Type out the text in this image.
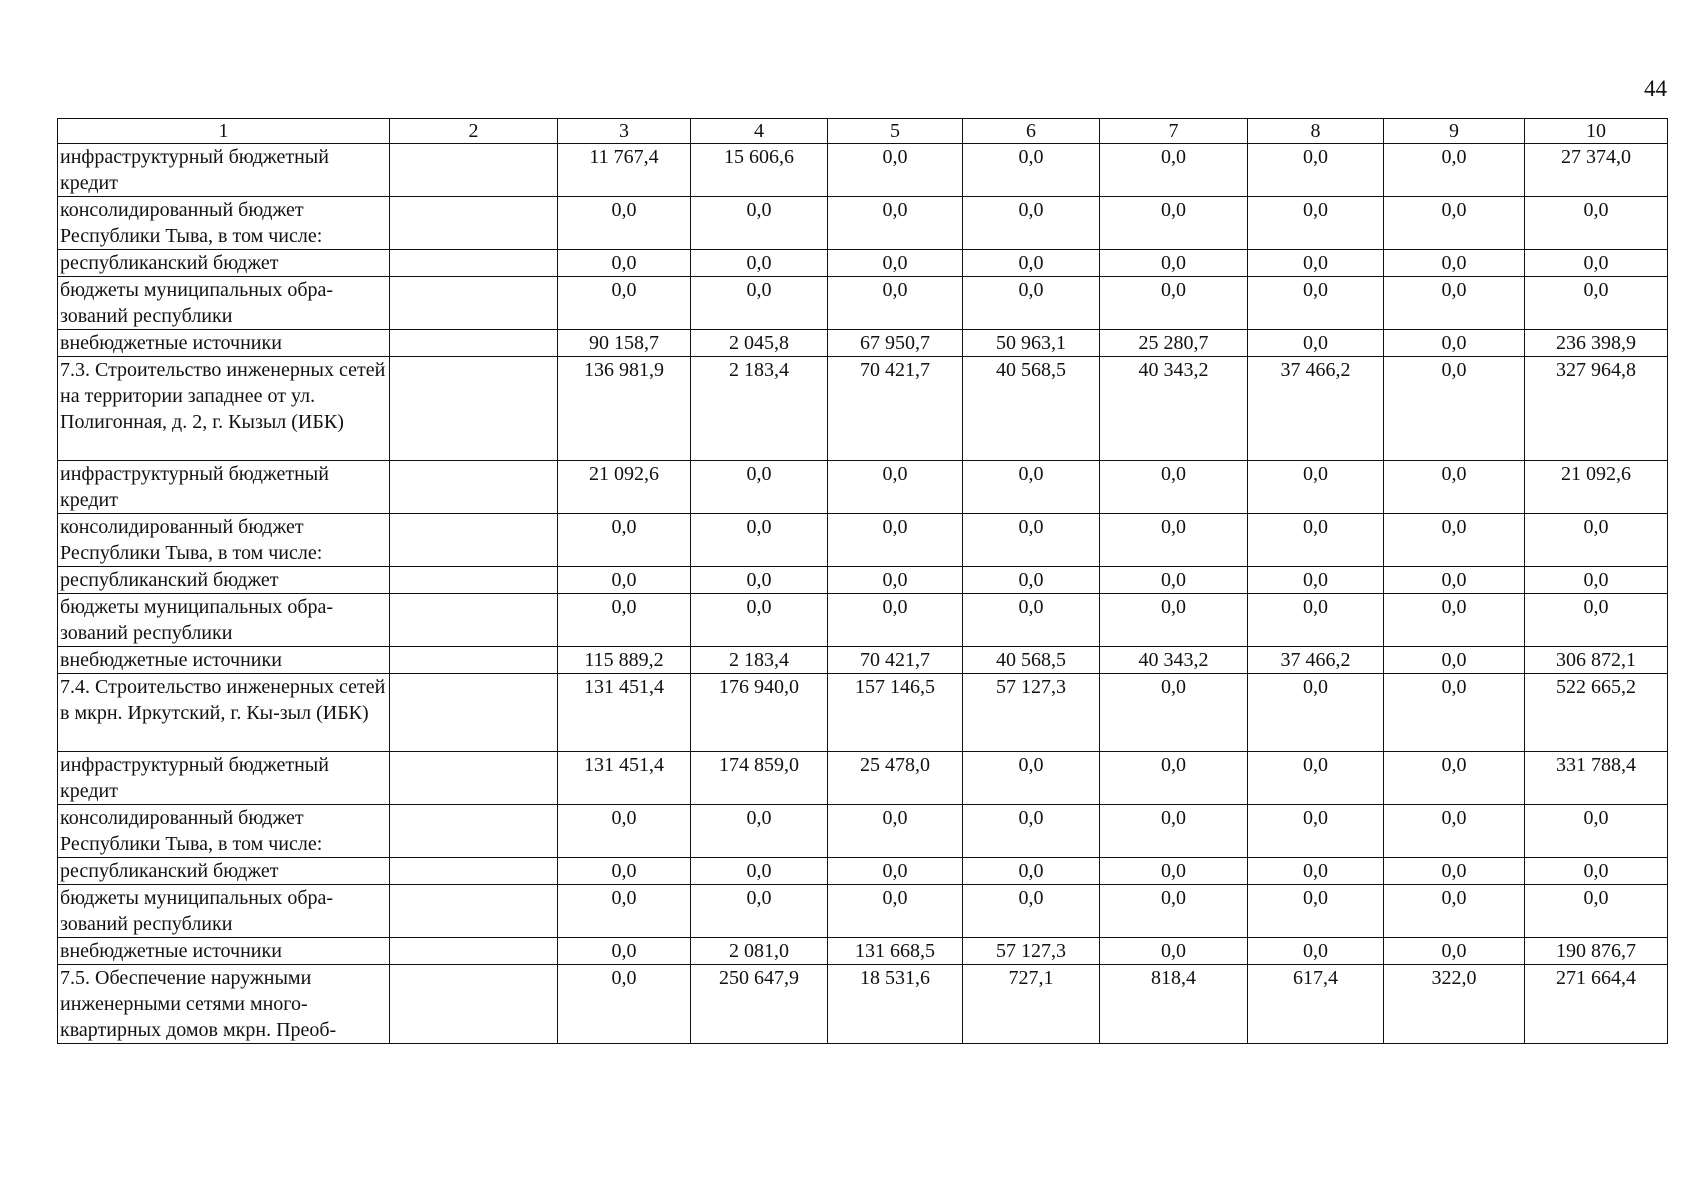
44
1	2	3	4	5	6	7	8	9	10
инфраструктурный бюджетный кредит		11 767,4	15 606,6	0,0	0,0	0,0	0,0	0,0	27 374,0
консолидированный бюджет Республики Тыва, в том числе:		0,0	0,0	0,0	0,0	0,0	0,0	0,0	0,0
республиканский бюджет		0,0	0,0	0,0	0,0	0,0	0,0	0,0	0,0
бюджеты муниципальных обра-зований республики		0,0	0,0	0,0	0,0	0,0	0,0	0,0	0,0
внебюджетные источники		90 158,7	2 045,8	67 950,7	50 963,1	25 280,7	0,0	0,0	236 398,9
7.3. Строительство инженерных сетей на территории западнее от ул. Полигонная, д. 2, г. Кызыл (ИБК)		136 981,9	2 183,4	70 421,7	40 568,5	40 343,2	37 466,2	0,0	327 964,8
инфраструктурный бюджетный кредит		21 092,6	0,0	0,0	0,0	0,0	0,0	0,0	21 092,6
консолидированный бюджет Республики Тыва, в том числе:		0,0	0,0	0,0	0,0	0,0	0,0	0,0	0,0
республиканский бюджет		0,0	0,0	0,0	0,0	0,0	0,0	0,0	0,0
бюджеты муниципальных обра-зований республики		0,0	0,0	0,0	0,0	0,0	0,0	0,0	0,0
внебюджетные источники		115 889,2	2 183,4	70 421,7	40 568,5	40 343,2	37 466,2	0,0	306 872,1
7.4. Строительство инженерных сетей в мкрн. Иркутский, г. Кы-зыл (ИБК)		131 451,4	176 940,0	157 146,5	57 127,3	0,0	0,0	0,0	522 665,2
инфраструктурный бюджетный кредит		131 451,4	174 859,0	25 478,0	0,0	0,0	0,0	0,0	331 788,4
консолидированный бюджет Республики Тыва, в том числе:		0,0	0,0	0,0	0,0	0,0	0,0	0,0	0,0
республиканский бюджет		0,0	0,0	0,0	0,0	0,0	0,0	0,0	0,0
бюджеты муниципальных обра-зований республики		0,0	0,0	0,0	0,0	0,0	0,0	0,0	0,0
внебюджетные источники		0,0	2 081,0	131 668,5	57 127,3	0,0	0,0	0,0	190 876,7
7.5. Обеспечение наружными инженерными сетями много-квартирных домов мкрн. Преоб-		0,0	250 647,9	18 531,6	727,1	818,4	617,4	322,0	271 664,4
